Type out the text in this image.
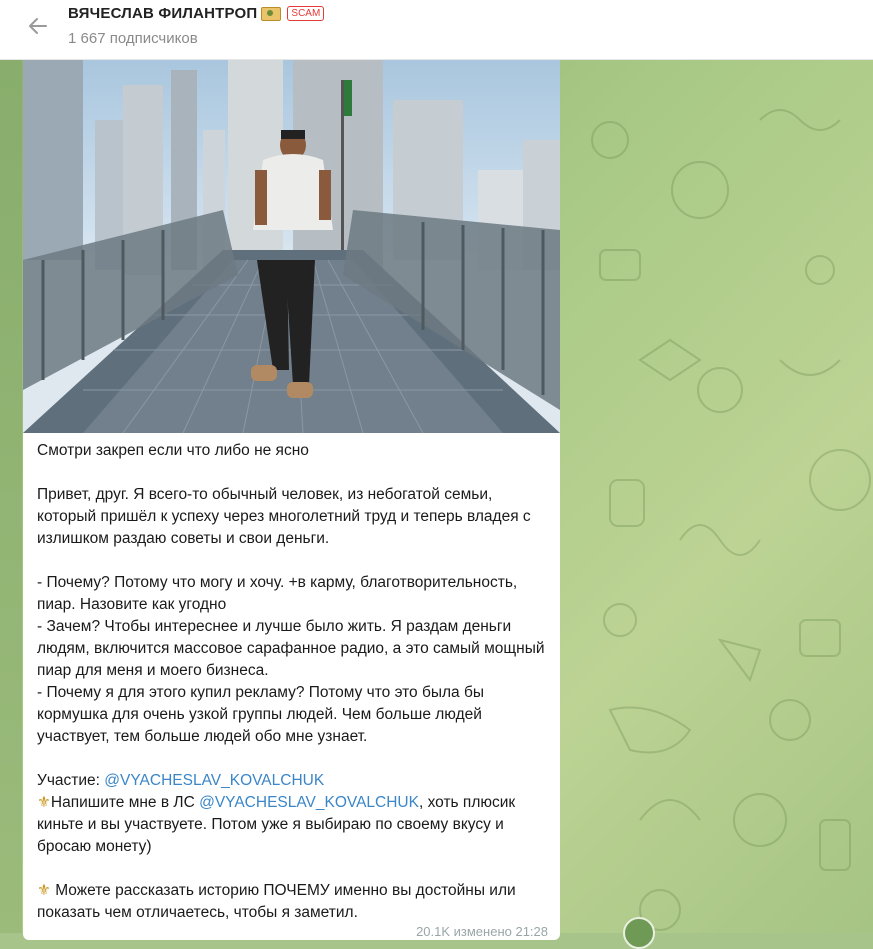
ВЯЧЕСЛАВ ФИЛАНТРОП	SCAM
1 667 подписчиков

Смотри закреп если что либо не ясно

Привет, друг. Я всего-то обычный человек, из небогатой семьи, который пришёл к успеху через многолетний труд и теперь владея с излишком раздаю советы и свои деньги.

- Почему? Потому что могу и хочу. +в карму, благотворительность, пиар. Назовите как угодно

- Зачем? Чтобы интереснее и лучше было жить. Я раздам деньги людям, включится массовое сарафанное радио, а это самый мощный пиар для меня и моего бизнеса.

- Почему я для этого купил рекламу? Потому что это была бы кормушка для очень узкой группы людей. Чем больше людей участвует, тем больше людей обо мне узнает.

Участие: @VYACHESLAV_KOVALCHUK

⚜Напишите мне в ЛС @VYACHESLAV_KOVALCHUK, хоть плюсик киньте и вы участвуете. Потом уже я выбираю по своему вкусу и бросаю монету)

⚜ Можете рассказать историю ПОЧЕМУ именно вы достойны или показать чем отличаетесь, чтобы я заметил.

20.1K изменено 21:28
